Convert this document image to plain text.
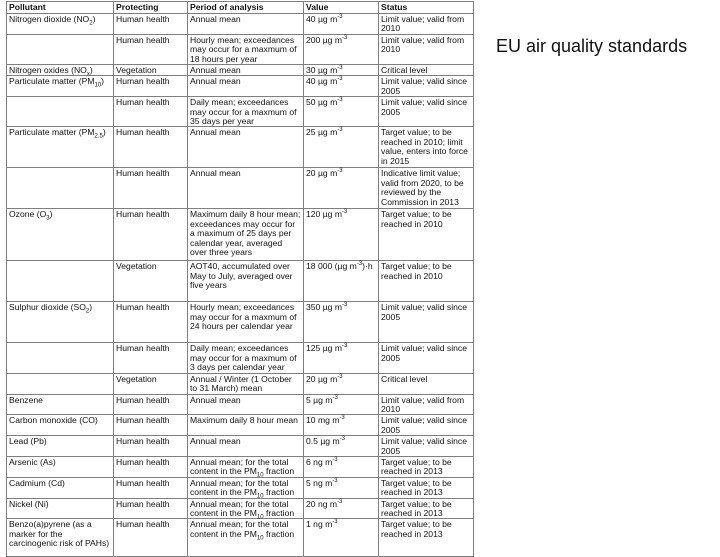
Pollutant	Protecting	Period of analysis	Value	Status
Nitrogen dioxide $(NO_2)$	Human health	Annual mean	40 µg $m^{-3}$	Limit value; valid from 2010
	Human health	Hourly mean; exceedances may occur for a maxmum of 18 hours per year	200 µg $m^{-3}$	Limit value; valid from 2010
Nitrogen oxides $(NO_x)$	Vegetation	Annual mean	30 µg $m^{-3}$	Critical level
Particulate matter $(PM_{10})$	Human health	Annual mean	40 µg $m^{-3}$	Limit value; valid since 2005
	Human health	Daily mean; exceedances may occur for a maxmum of 35 days per year	50 µg $m^{-3}$	Limit value; valid since 2005
Particulate matter $(PM_{2.5})$	Human health	Annual mean	25 µg $m^{-3}$	Target value; to be reached in 2010; limit value, enters into force in 2015
	Human health	Annual mean	20 µg $m^{-3}$	Indicative limit value; valid from 2020, to be reviewed by the Commission in 2013
Ozone $(O_3)$	Human health	Maximum daily 8 hour mean; exceedances may occur for a maximum of 25 days per calendar year, averaged over three years	120 µg $m^{-3}$	Target value; to be reached in 2010
	Vegetation	AOT40, accumulated over May to July, averaged over five years	18 000 (µg $m^{-3})\cdot h$	Target value; to be reached in 2010
Sulphur dioxide $(SO_2)$	Human health	Hourly mean; exceedances may occur for a maxmum of 24 hours per calendar year	350 µg $m^{-3}$	Limit value; valid since 2005
	Human health	Daily mean; exceedances may occur for a maxmum of 3 days per calendar year	125 µg $m^{-3}$	Limit value; valid since 2005
	Vegetation	Annual / Winter (1 October to 31 March) mean	20 µg $m^{-3}$	Critical level
Benzene	Human health	Annual mean	5 µg $m^{-3}$	Limit value; valid from 2010
Carbon monoxide (CO)	Human health	Maximum daily 8 hour mean	10 mg $m^{-3}$	Limit value; valid since 2005
Lead (Pb)	Human health	Annual mean	0.5 µg $m^{-3}$	Limit value; valid since 2005
Arsenic (As)	Human health	Annual mean; for the total content in the $PM_{10}$ fraction	6 ng $m^{-3}$	Target value; to be reached in 2013
Cadmium (Cd)	Human health	Annual mean; for the total content in the $PM_{10}$ fraction	5 ng $m^{-3}$	Target value; to be reached in 2013
Nickel (Ni)	Human health	Annual mean; for the total content in the $PM_{10}$ fraction	20 ng $m^{-3}$	Target value; to be reached in 2013
Benzo(a)pyrene (as a marker for the carcinogenic risk of PAHs)	Human health	Annual mean; for the total content in the $PM_{10}$ fraction	1 ng $m^{-3}$	Target value; to be reached in 2013
EU air quality standards
